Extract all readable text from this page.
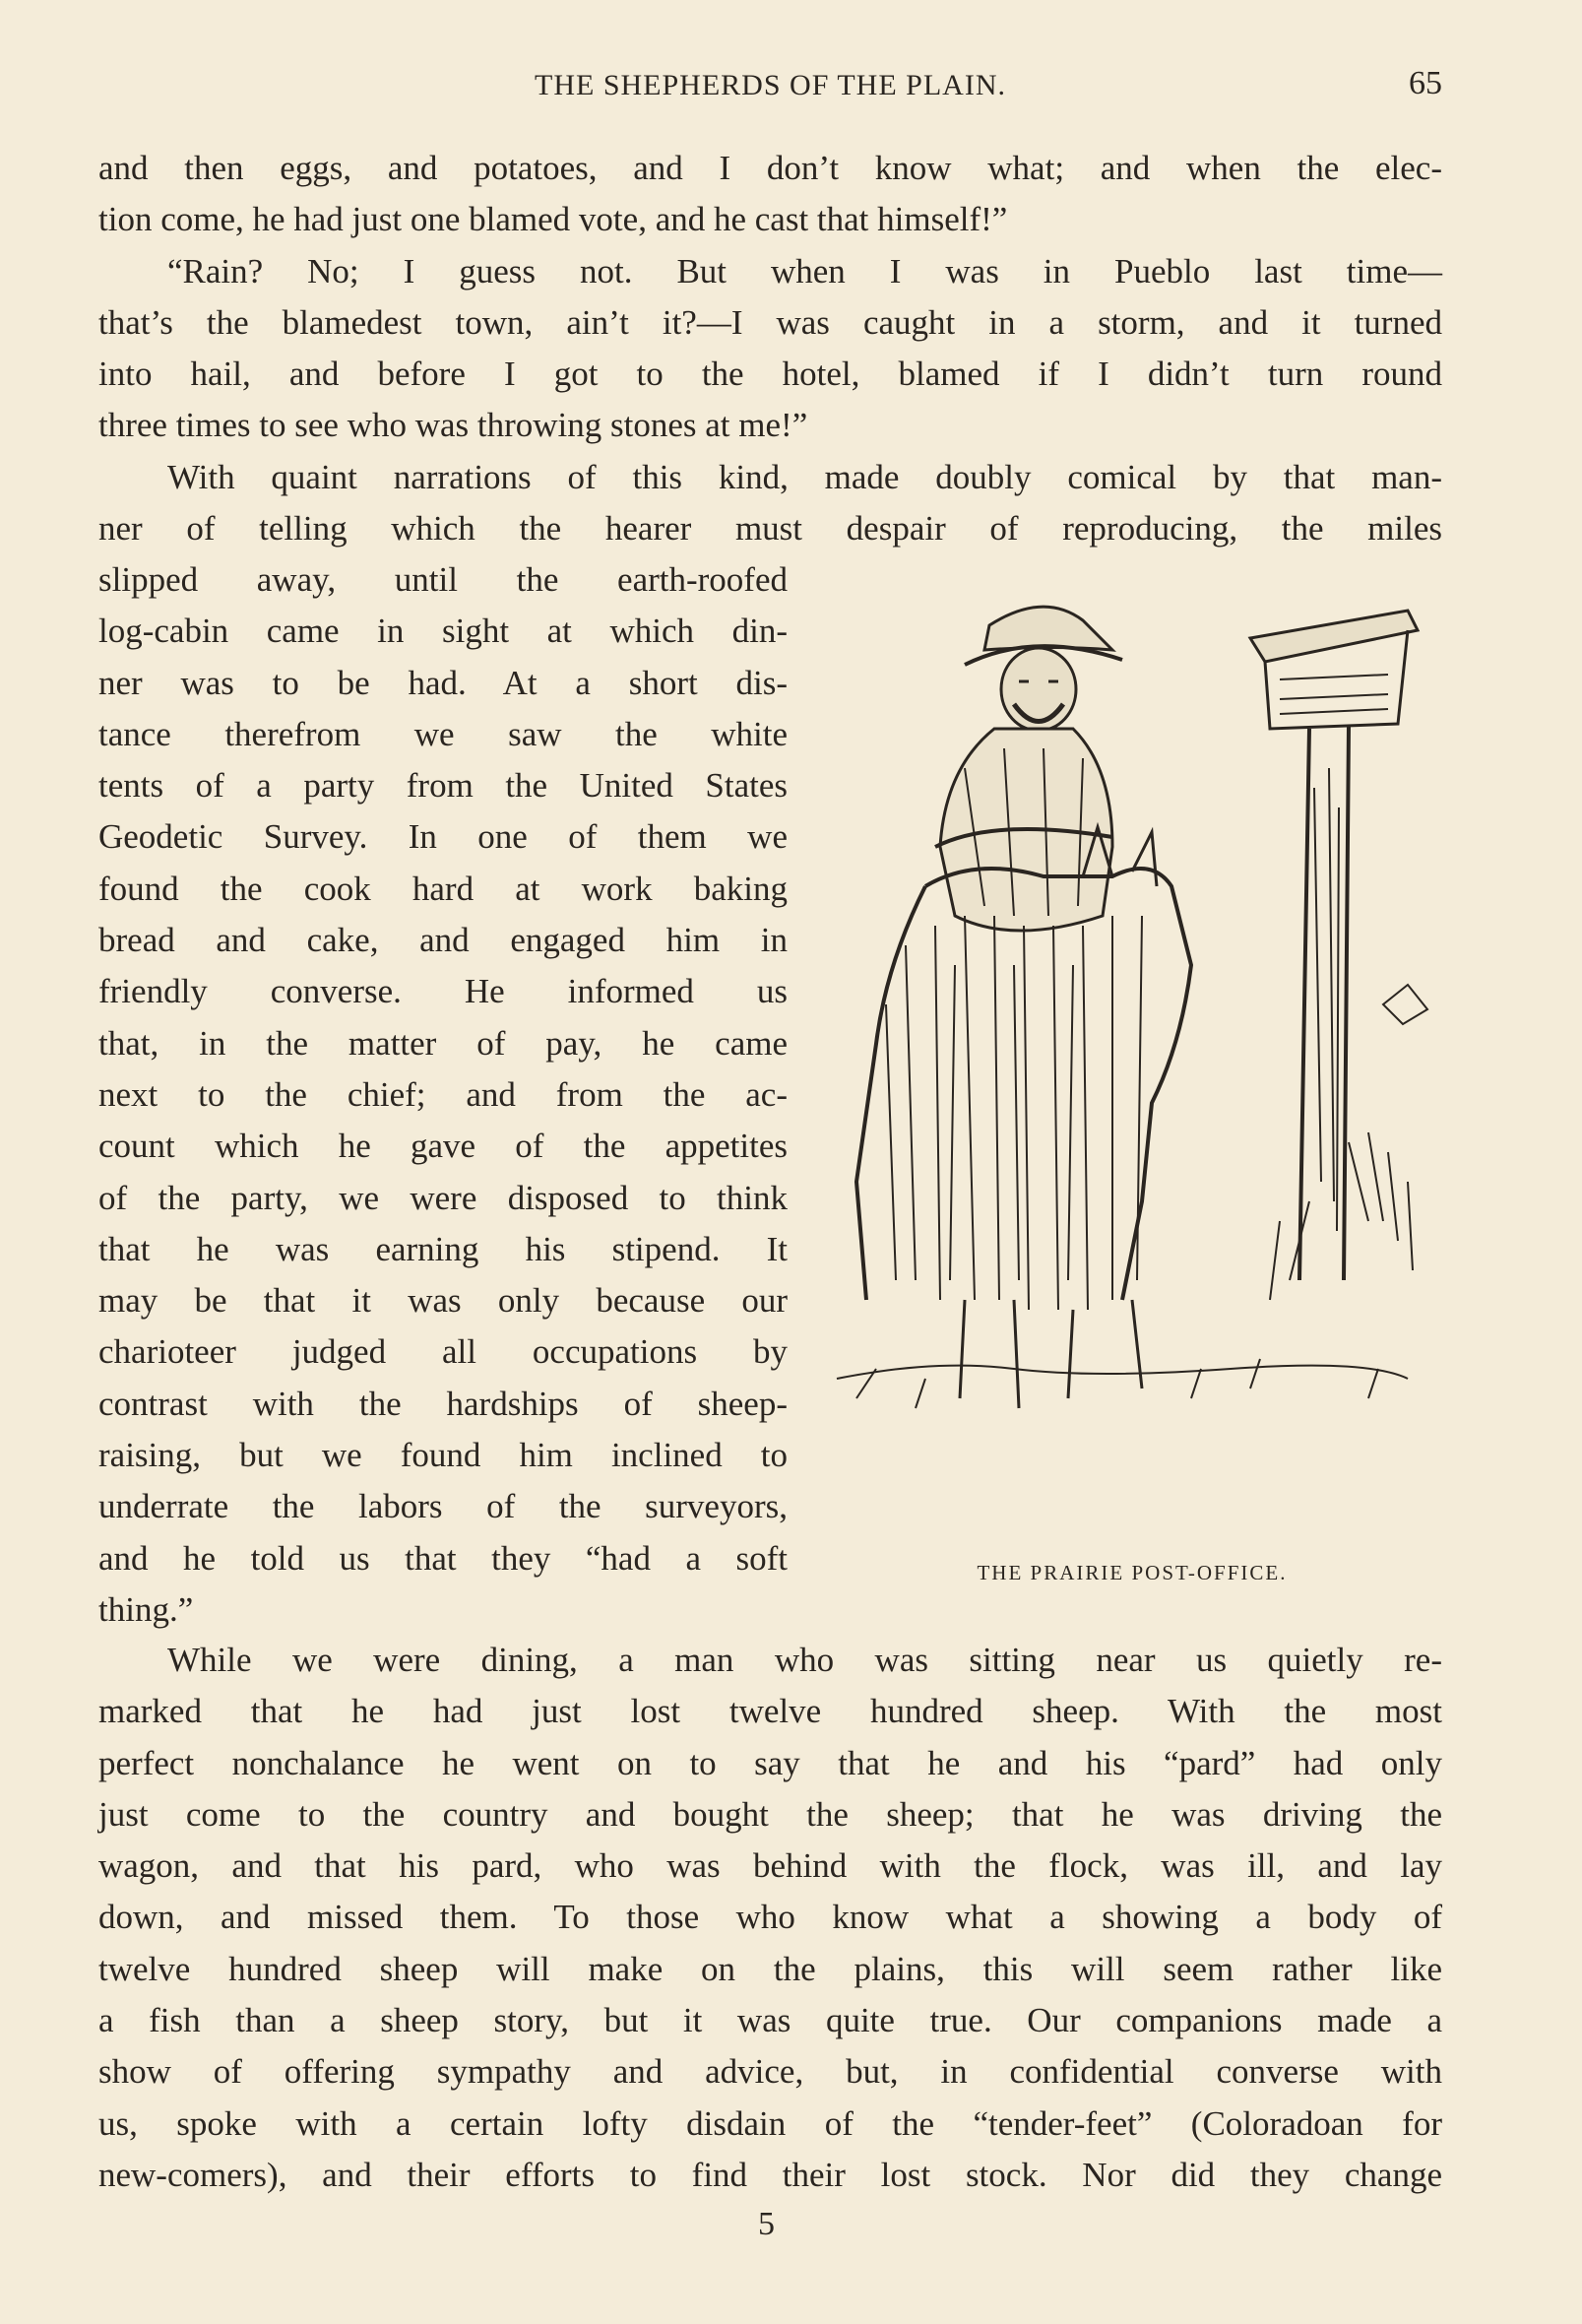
THE SHEPHERDS OF THE PLAIN.	65
and then eggs, and potatoes, and I don’t know what; and when the elec-
tion come, he had just one blamed vote, and he cast that himself!”
“Rain? No; I guess not. But when I was in Pueblo last time—
that’s the blamedest town, ain’t it?—I was caught in a storm, and it turned
into hail, and before I got to the hotel, blamed if I didn’t turn round
three times to see who was throwing stones at me!”
With quaint narrations of this kind, made doubly comical by that man-
ner of telling which the hearer must despair of reproducing, the miles
slipped away, until the earth-roofed
log-cabin came in sight at which din-
ner was to be had. At a short dis-
tance therefrom we saw the white
tents of a party from the United States
Geodetic Survey. In one of them we
found the cook hard at work baking
bread and cake, and engaged him in
friendly converse. He informed us
that, in the matter of pay, he came
next to the chief; and from the ac-
count which he gave of the appetites
of the party, we were disposed to think
that he was earning his stipend. It
may be that it was only because our
charioteer judged all occupations by
contrast with the hardships of sheep-
raising, but we found him inclined to
underrate the labors of the surveyors,
and he told us that they “had a soft
thing.”
THE PRAIRIE POST-OFFICE.
While we were dining, a man who was sitting near us quietly re-
marked that he had just lost twelve hundred sheep. With the most
perfect nonchalance he went on to say that he and his “pard” had only
just come to the country and bought the sheep; that he was driving the
wagon, and that his pard, who was behind with the flock, was ill, and lay
down, and missed them. To those who know what a showing a body of
twelve hundred sheep will make on the plains, this will seem rather like
a fish than a sheep story, but it was quite true. Our companions made a
show of offering sympathy and advice, but, in confidential converse with
us, spoke with a certain lofty disdain of the “tender-feet” (Coloradoan for
new-comers), and their efforts to find their lost stock. Nor did they change
5
